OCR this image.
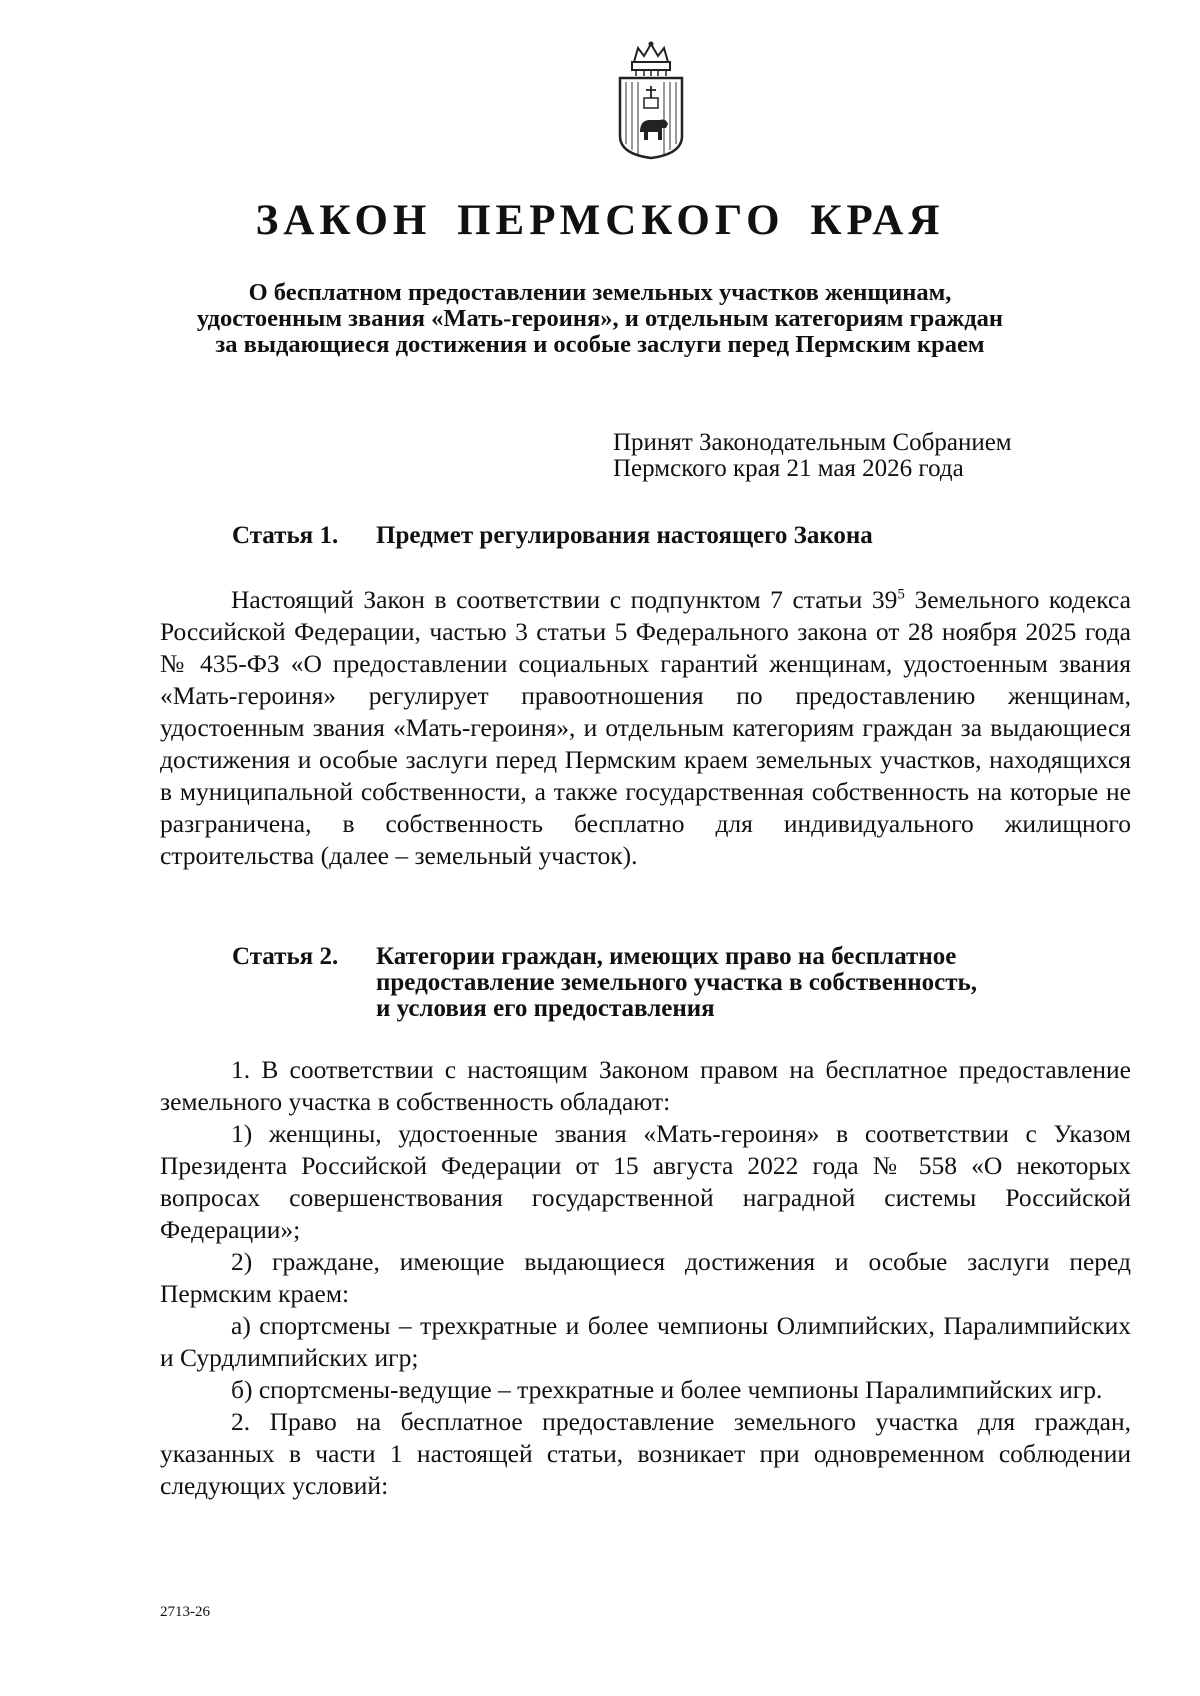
ЗАКОН ПЕРМСКОГО КРАЯ
О бесплатном предоставлении земельных участков женщинам,
удостоенным звания «Мать-героиня», и отдельным категориям граждан
за выдающиеся достижения и особые заслуги перед Пермским краем
Принят Законодательным Собранием
Пермского края 21 мая 2026 года
Статья 1.	Предмет регулирования настоящего Закона

Настоящий Закон в соответствии с подпунктом 7 статьи $39^5$ Земельного кодекса Российской Федерации, частью 3 статьи 5 Федерального закона от 28 ноября 2025 года № 435-ФЗ «О предоставлении социальных гарантий женщинам, удостоенным звания «Мать-героиня» регулирует правоотношения по предоставлению женщинам, удостоенным звания «Мать-героиня», и отдельным категориям граждан за выдающиеся достижения и особые заслуги перед Пермским краем земельных участков, находящихся в муниципальной собственности, а также государственная собственность на которые не разграничена, в собственность бесплатно для индивидуального жилищного строительства (далее – земельный участок).

Статья 2.	Категории граждан, имеющих право на бесплатное
предоставление земельного участка в собственность,
и условия его предоставления

1. В соответствии с настоящим Законом правом на бесплатное предоставление земельного участка в собственность обладают:

1) женщины, удостоенные звания «Мать-героиня» в соответствии с Указом Президента Российской Федерации от 15 августа 2022 года № 558 «О некоторых вопросах совершенствования государственной наградной системы Российской Федерации»;

2) граждане, имеющие выдающиеся достижения и особые заслуги перед Пермским краем:

а) спортсмены – трехкратные и более чемпионы Олимпийских, Паралимпийских и Сурдлимпийских игр;

б) спортсмены-ведущие – трехкратные и более чемпионы Паралимпийских игр.

2. Право на бесплатное предоставление земельного участка для граждан, указанных в части 1 настоящей статьи, возникает при одновременном соблюдении следующих условий:

2713-26
